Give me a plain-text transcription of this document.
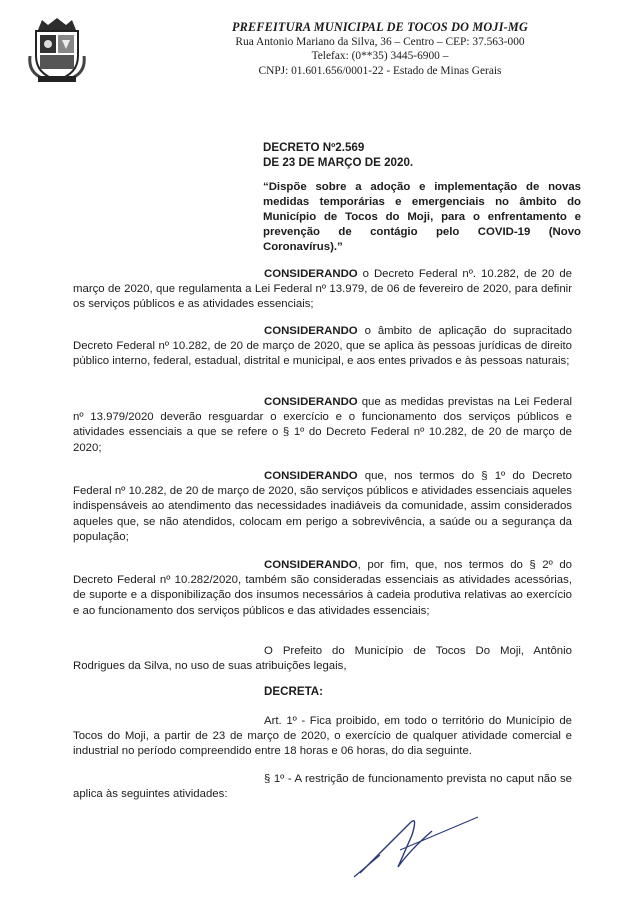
PREFEITURA MUNICIPAL DE TOCOS DO MOJI-MG
Rua Antonio Mariano da Silva, 36 – Centro – CEP: 37.563-000
Telefax: (0**35) 3445-6900 –
CNPJ: 01.601.656/0001-22 - Estado de Minas Gerais
DECRETO Nº2.569
DE 23 DE MARÇO DE 2020.
“Dispõe sobre a adoção e implementação de novas medidas temporárias e emergenciais no âmbito do Município de Tocos do Moji, para o enfrentamento e prevenção de contágio pelo COVID-19 (Novo Coronavírus).”

CONSIDERANDO o Decreto Federal nº. 10.282, de 20 de março de 2020, que regulamenta a Lei Federal nº 13.979, de 06 de fevereiro de 2020, para definir os serviços públicos e as atividades essenciais;

CONSIDERANDO o âmbito de aplicação do supracitado Decreto Federal nº 10.282, de 20 de março de 2020, que se aplica às pessoas jurídicas de direito público interno, federal, estadual, distrital e municipal, e aos entes privados e às pessoas naturais;

CONSIDERANDO que as medidas previstas na Lei Federal nº 13.979/2020 deverão resguardar o exercício e o funcionamento dos serviços públicos e atividades essenciais a que se refere o § 1º do Decreto Federal nº 10.282, de 20 de março de 2020;

CONSIDERANDO que, nos termos do § 1º do Decreto Federal nº 10.282, de 20 de março de 2020, são serviços públicos e atividades essenciais aqueles indispensáveis ao atendimento das necessidades inadiáveis da comunidade, assim considerados aqueles que, se não atendidos, colocam em perigo a sobrevivência, a saúde ou a segurança da população;

CONSIDERANDO, por fim, que, nos termos do § 2º do Decreto Federal nº 10.282/2020, também são consideradas essenciais as atividades acessórias, de suporte e a disponibilização dos insumos necessários à cadeia produtiva relativas ao exercício e ao funcionamento dos serviços públicos e das atividades essenciais;

O Prefeito do Município de Tocos Do Moji, Antônio Rodrigues da Silva, no uso de suas atribuições legais,

DECRETA:

Art. 1º - Fica proibido, em todo o território do Município de Tocos do Moji, a partir de 23 de março de 2020, o exercício de qualquer atividade comercial e industrial no período compreendido entre 18 horas e 06 horas, do dia seguinte.

§ 1º - A restrição de funcionamento prevista no caput não se aplica às seguintes atividades:
